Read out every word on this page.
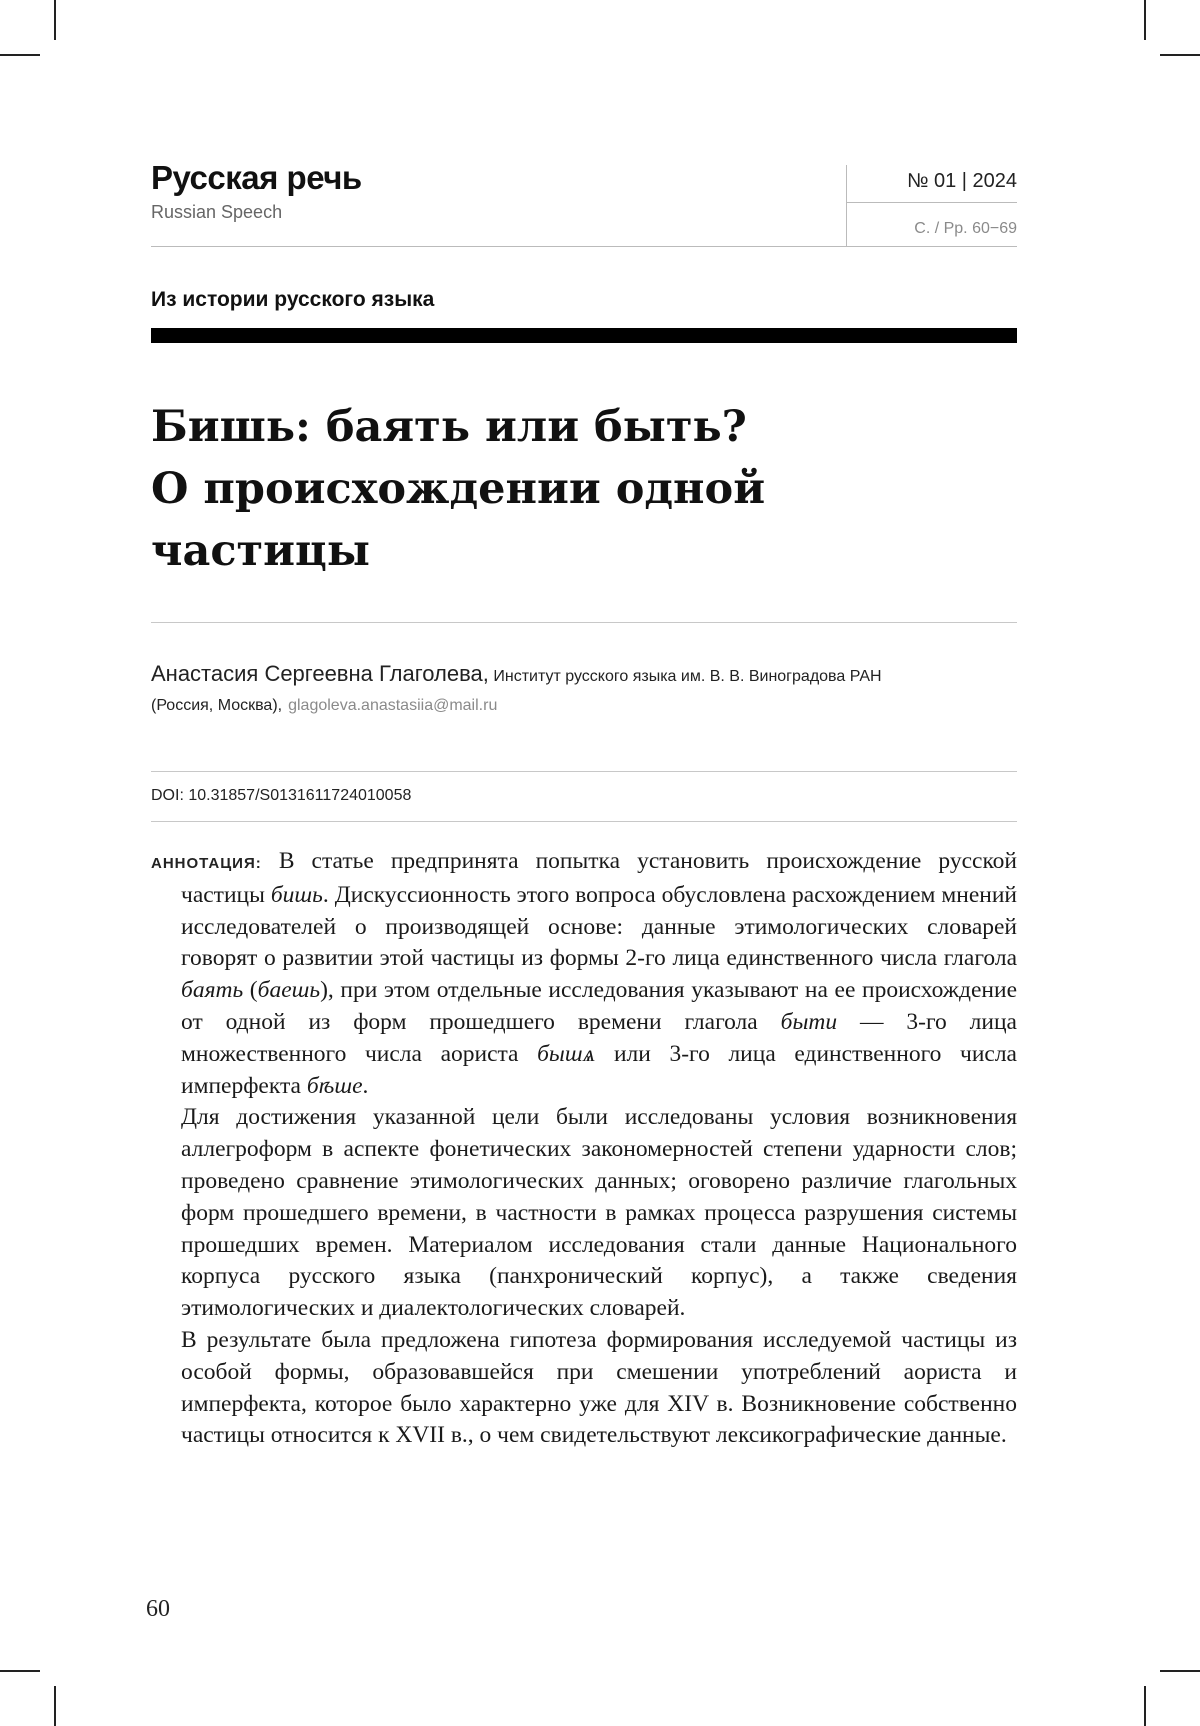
Русская речь
Russian Speech
№ 01 | 2024
С. / Pp. 60−69
Из истории русского языка
Бишь: баять или быть?
О происхождении одной
частицы
Анастасия Сергеевна Глаголева, Институт русского языка им. В. В. Виноградова РАН
(Россия, Москва), glagoleva.anastasiia@mail.ru
DOI: 10.31857/S0131611724010058

АННОТАЦИЯ: В статье предпринята попытка установить происхождение русской частицы бишь. Дискуссионность этого вопроса обусловлена расхождением мнений исследователей о производящей основе: данные этимологических словарей говорят о развитии этой частицы из формы 2-го лица единственного числа глагола баять (баешь), при этом отдельные исследования указывают на ее происхождение от одной из форм прошедшего времени глагола быти — 3-го лица множественного числа аориста бышѧ или 3-го лица единственного числа имперфекта бѣше.

Для достижения указанной цели были исследованы условия возникновения аллегроформ в аспекте фонетических закономерностей степени ударности слов; проведено сравнение этимологических данных; оговорено различие глагольных форм прошедшего времени, в частности в рамках процесса разрушения системы прошедших времен. Материалом исследования стали данные Национального корпуса русского языка (панхронический корпус), а также сведения этимологических и диалектологических словарей.

В результате была предложена гипотеза формирования исследуемой частицы из особой формы, образовавшейся при смешении употреблений аориста и имперфекта, которое было характерно уже для XIV в. Возникновение собственно частицы относится к XVII в., о чем свидетельствуют лексикографические данные.

60
